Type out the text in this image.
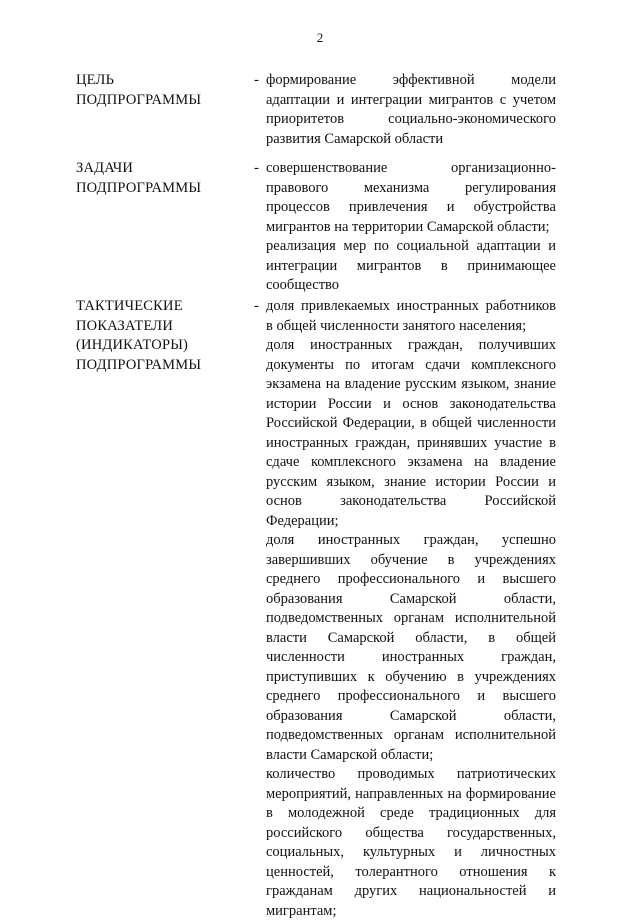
2
ЦЕЛЬ
ПОДПРОГРАММЫ
- формирование эффективной модели адаптации и интеграции мигрантов с учетом приоритетов социально-экономического развития Самарской области

ЗАДАЧИ
ПОДПРОГРАММЫ
- совершенствование организационно-правового механизма регулирования процессов привлечения и обустройства мигрантов на территории Самарской области;

реализация мер по социальной адаптации и интеграции мигрантов в принимающее сообщество

ТАКТИЧЕСКИЕ
ПОКАЗАТЕЛИ
(ИНДИКАТОРЫ)
ПОДПРОГРАММЫ
- доля привлекаемых иностранных работников в общей численности занятого населения;

доля иностранных граждан, получивших документы по итогам сдачи комплексного экзамена на владение русским языком, знание истории России и основ законодательства Российской Федерации, в общей численности иностранных граждан, принявших участие в сдаче комплексного экзамена на владение русским языком, знание истории России и основ законодательства Российской Федерации;

доля иностранных граждан, успешно завершивших обучение в учреждениях среднего профессионального и высшего образования Самарской области, подведомственных органам исполнительной власти Самарской области, в общей численности иностранных граждан, приступивших к обучению в учреждениях среднего профессионального и высшего образования Самарской области, подведомственных органам исполнительной власти Самарской области;

количество проводимых патриотических мероприятий, направленных на формирование в молодежной среде традиционных для российского общества государственных, социальных, культурных и личностных ценностей, толерантного отношения к гражданам других национальностей и мигрантам;
